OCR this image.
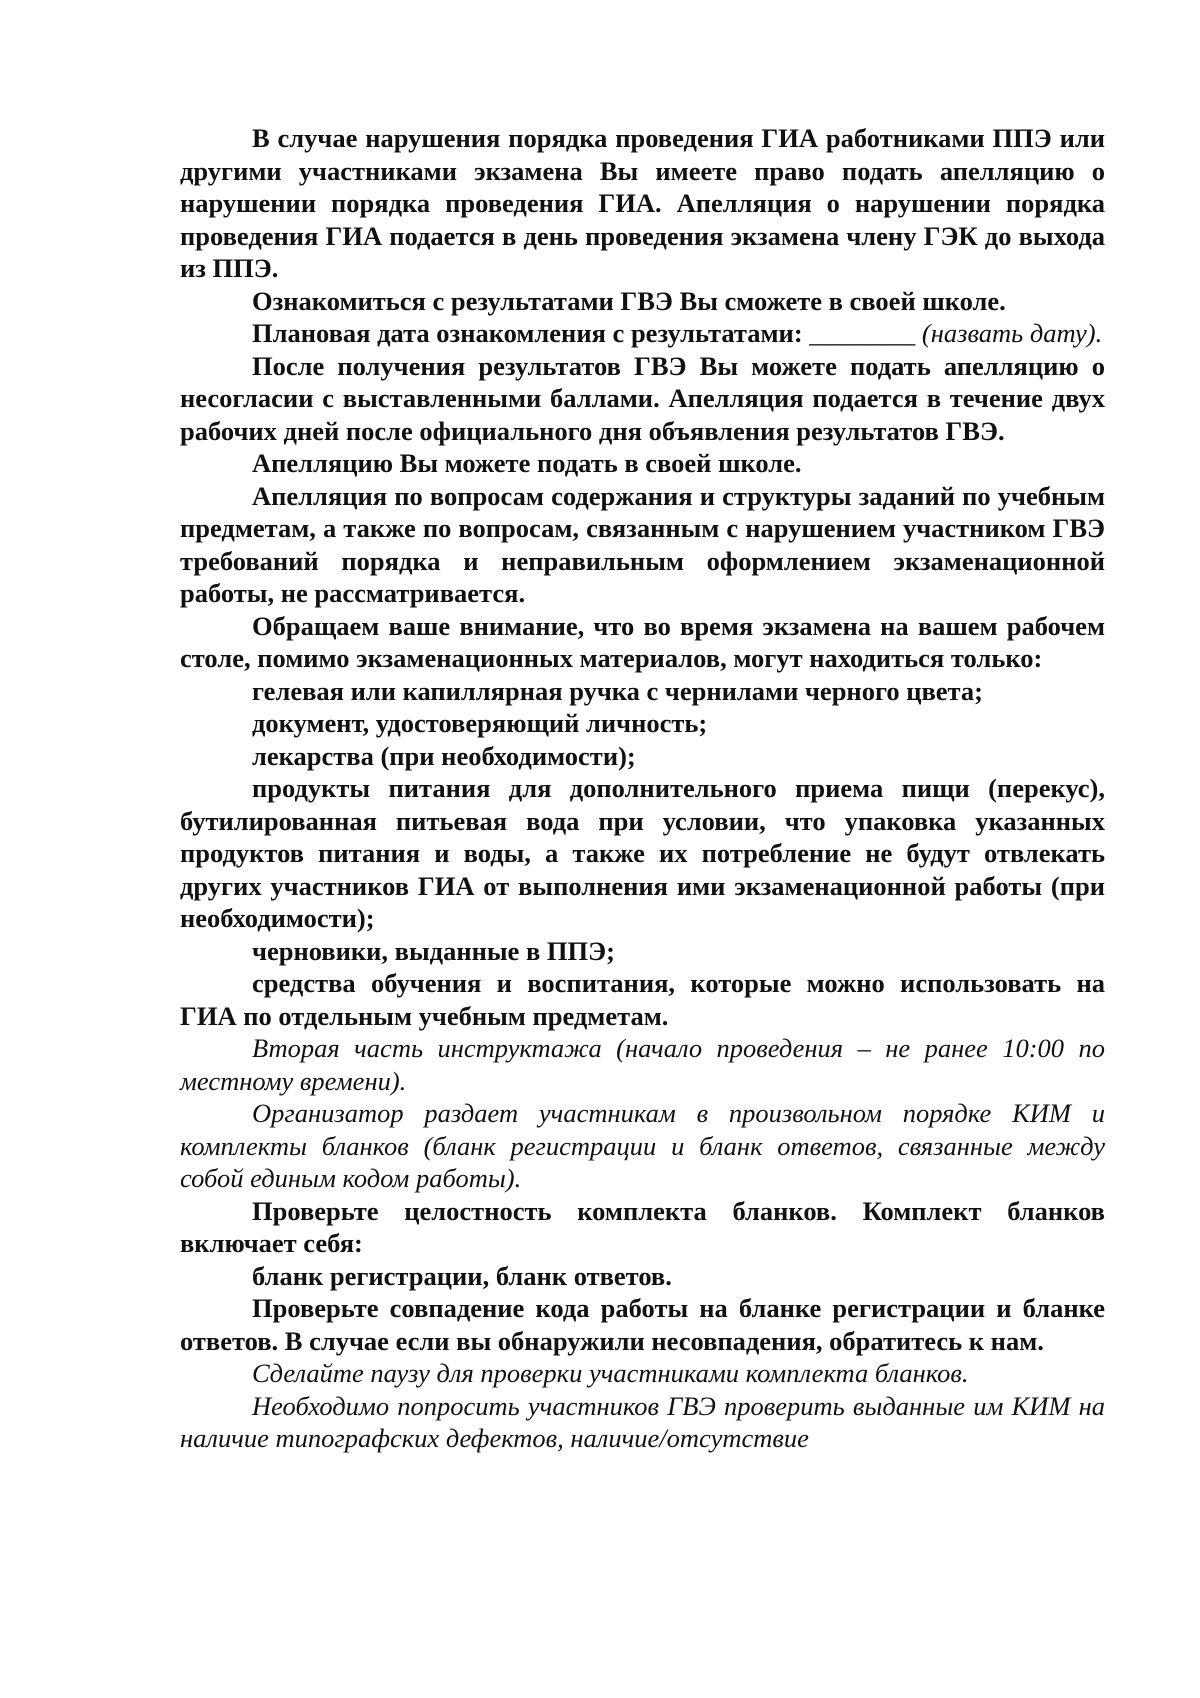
В случае нарушения порядка проведения ГИА работниками ППЭ или другими участниками экзамена Вы имеете право подать апелляцию о нарушении порядка проведения ГИА. Апелляция о нарушении порядка проведения ГИА подается в день проведения экзамена члену ГЭК до выхода из ППЭ.

Ознакомиться с результатами ГВЭ Вы сможете в своей школе.

Плановая дата ознакомления с результатами: ________ (назвать дату).

После получения результатов ГВЭ Вы можете подать апелляцию о несогласии с выставленными баллами. Апелляция подается в течение двух рабочих дней после официального дня объявления результатов ГВЭ.

Апелляцию Вы можете подать в своей школе.

Апелляция по вопросам содержания и структуры заданий по учебным предметам, а также по вопросам, связанным с нарушением участником ГВЭ требований порядка и неправильным оформлением экзаменационной работы, не рассматривается.

Обращаем ваше внимание, что во время экзамена на вашем рабочем столе, помимо экзаменационных материалов, могут находиться только:

гелевая или капиллярная ручка с чернилами черного цвета;

документ, удостоверяющий личность;

лекарства (при необходимости);

продукты питания для дополнительного приема пищи (перекус), бутилированная питьевая вода при условии, что упаковка указанных продуктов питания и воды, а также их потребление не будут отвлекать других участников ГИА от выполнения ими экзаменационной работы (при необходимости);

черновики, выданные в ППЭ;

средства обучения и воспитания, которые можно использовать на ГИА по отдельным учебным предметам.

Вторая часть инструктажа (начало проведения – не ранее 10:00 по местному времени).

Организатор раздает участникам в произвольном порядке КИМ и комплекты бланков (бланк регистрации и бланк ответов, связанные между собой единым кодом работы).

Проверьте целостность комплекта бланков. Комплект бланков включает себя:

бланк регистрации, бланк ответов.

Проверьте совпадение кода работы на бланке регистрации и бланке ответов. В случае если вы обнаружили несовпадения, обратитесь к нам.

Сделайте паузу для проверки участниками комплекта бланков.

Необходимо попросить участников ГВЭ проверить выданные им КИМ на наличие типографских дефектов, наличие/отсутствие
